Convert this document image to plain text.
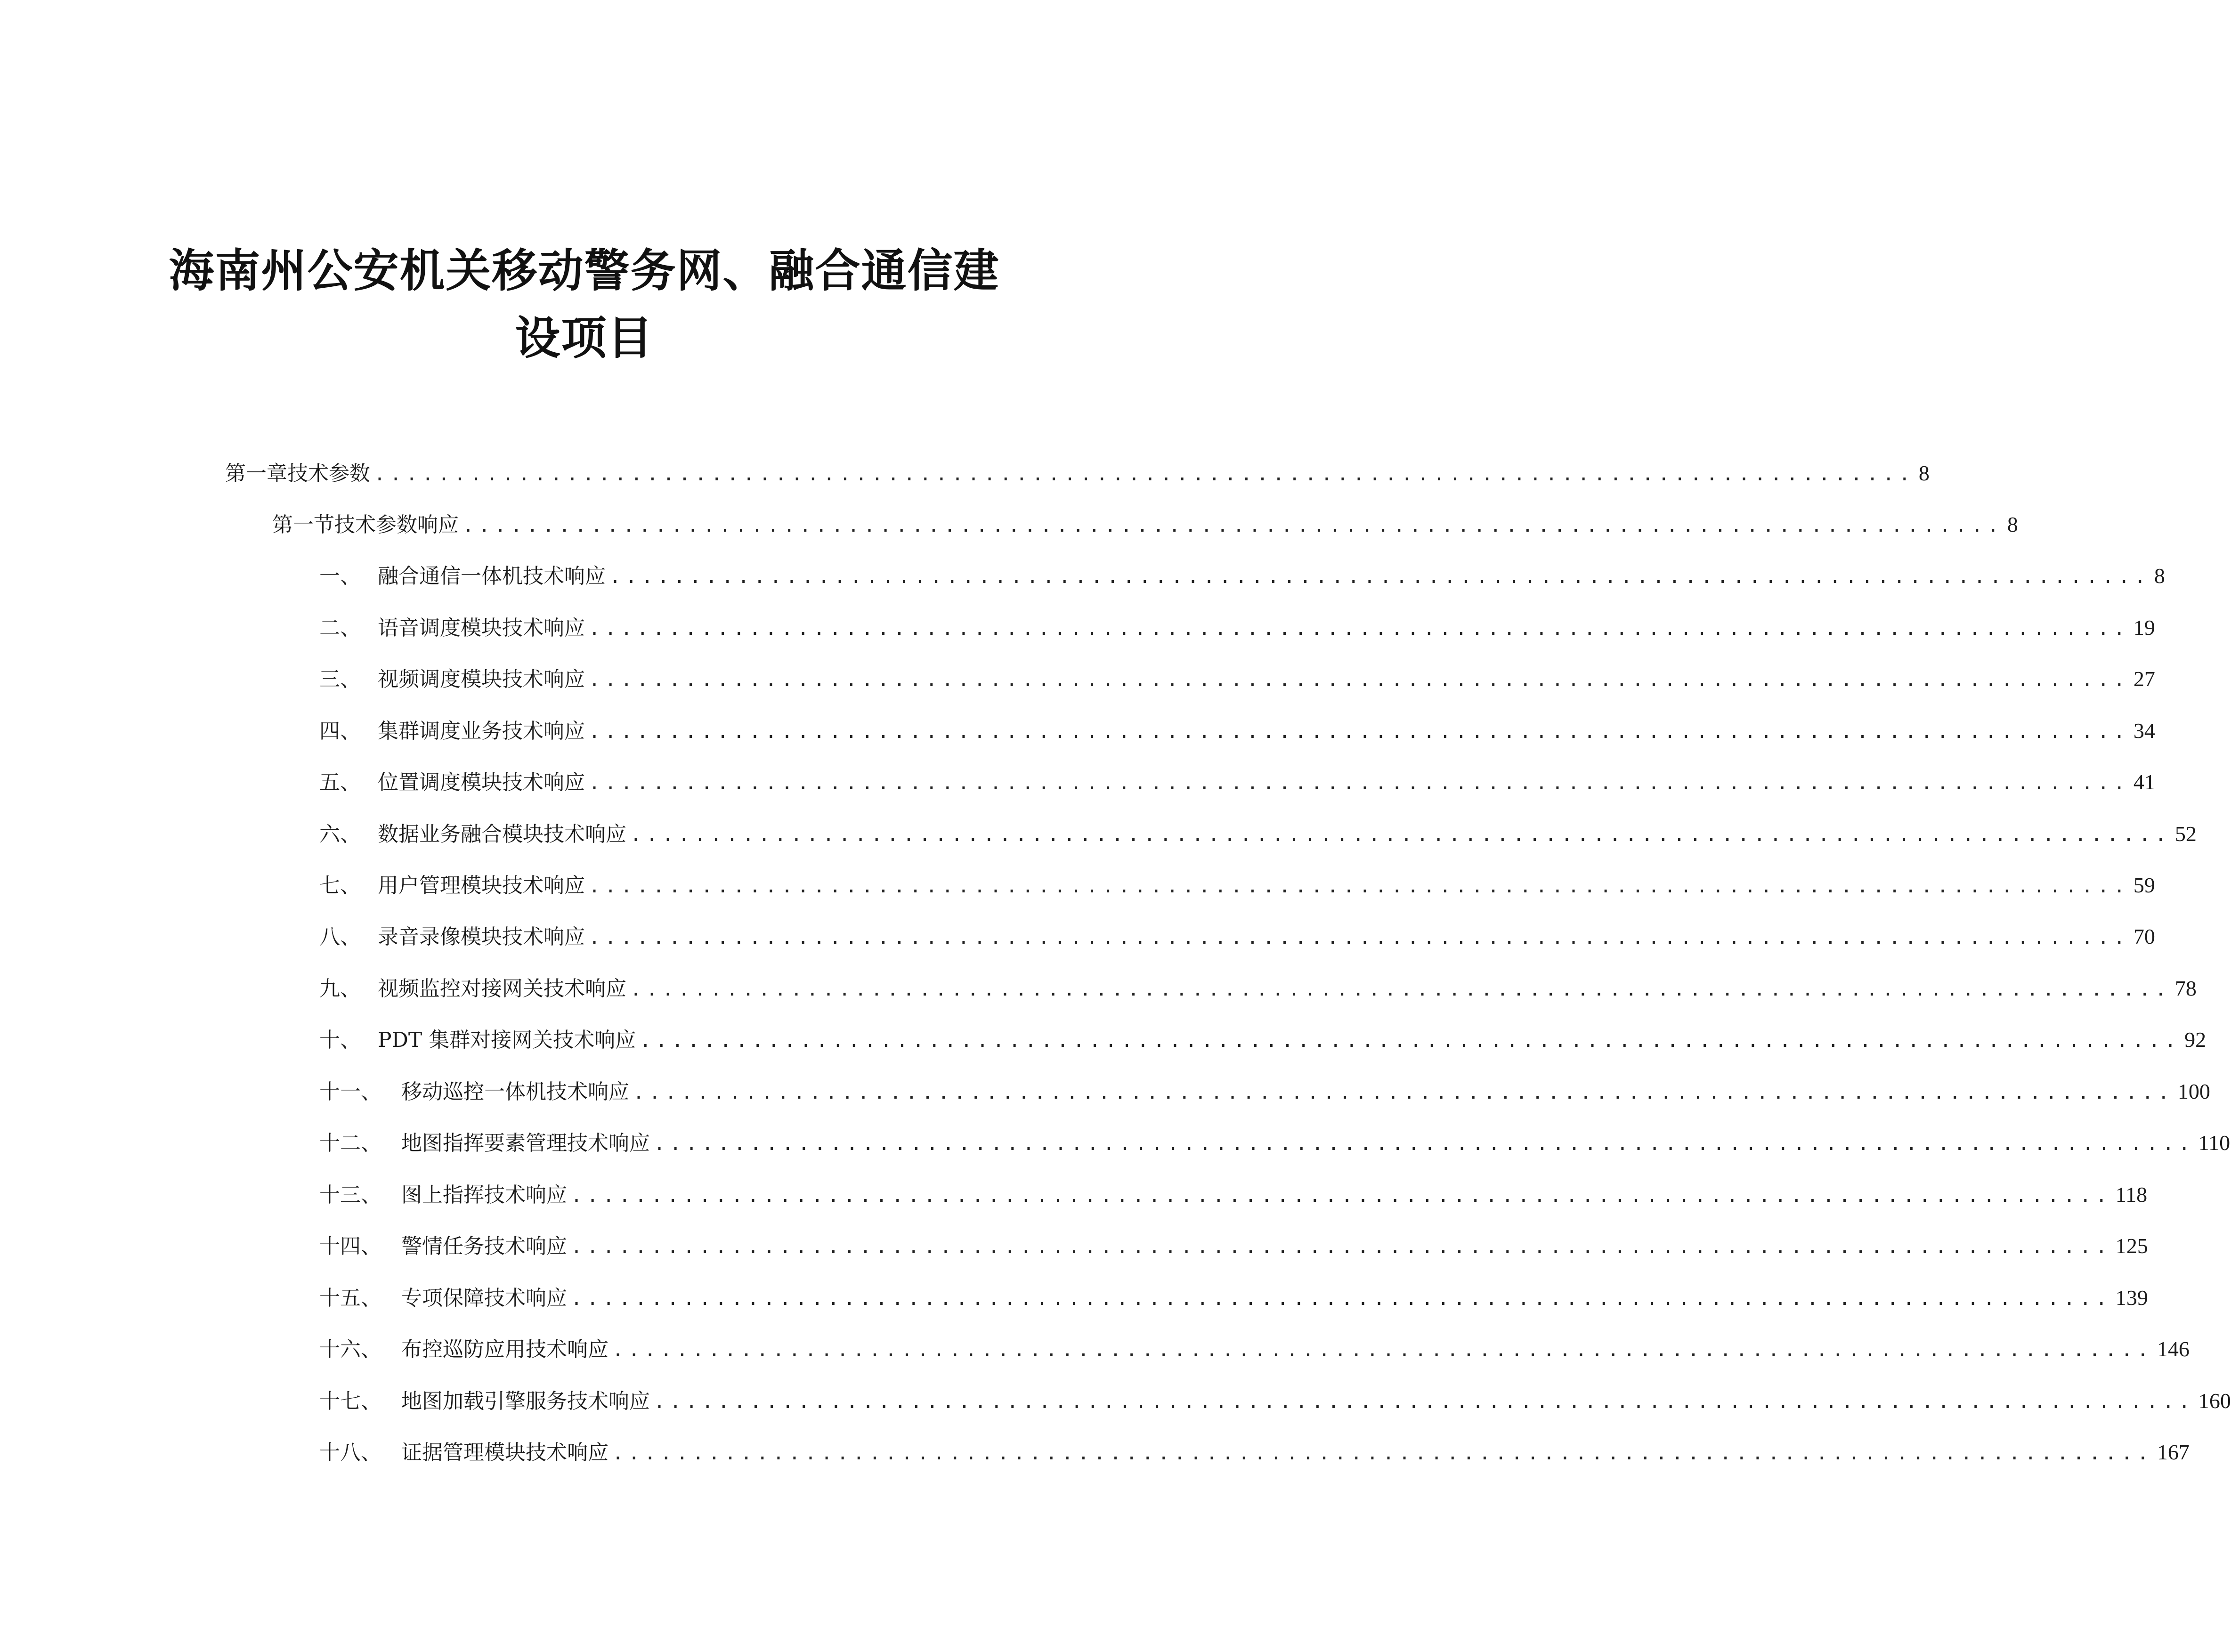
海南州公安机关移动警务网、融合通信建
设项目
第一章 技术参数 ................................................................................................ 8
第一节 技术参数响应 ................................................................................................ 8
一、 融合通信一体机技术响应 ................................................................................................ 8
二、 语音调度模块技术响应 ................................................................................................ 19
三、 视频调度模块技术响应 ................................................................................................ 27
四、 集群调度业务技术响应 ................................................................................................ 34
五、 位置调度模块技术响应 ................................................................................................ 41
六、 数据业务融合模块技术响应 ................................................................................................ 52
七、 用户管理模块技术响应 ................................................................................................ 59
八、 录音录像模块技术响应 ................................................................................................ 70
九、 视频监控对接网关技术响应 ................................................................................................ 78
十、 PDT 集群对接网关技术响应 ................................................................................................ 92
十一、 移动巡控一体机技术响应 ................................................................................................ 100
十二、 地图指挥要素管理技术响应 ................................................................................................ 110
十三、 图上指挥技术响应 ................................................................................................ 118
十四、 警情任务技术响应 ................................................................................................ 125
十五、 专项保障技术响应 ................................................................................................ 139
十六、 布控巡防应用技术响应 ................................................................................................ 146
十七、 地图加载引擎服务技术响应 ................................................................................................ 160
十八、 证据管理模块技术响应 ................................................................................................ 167
